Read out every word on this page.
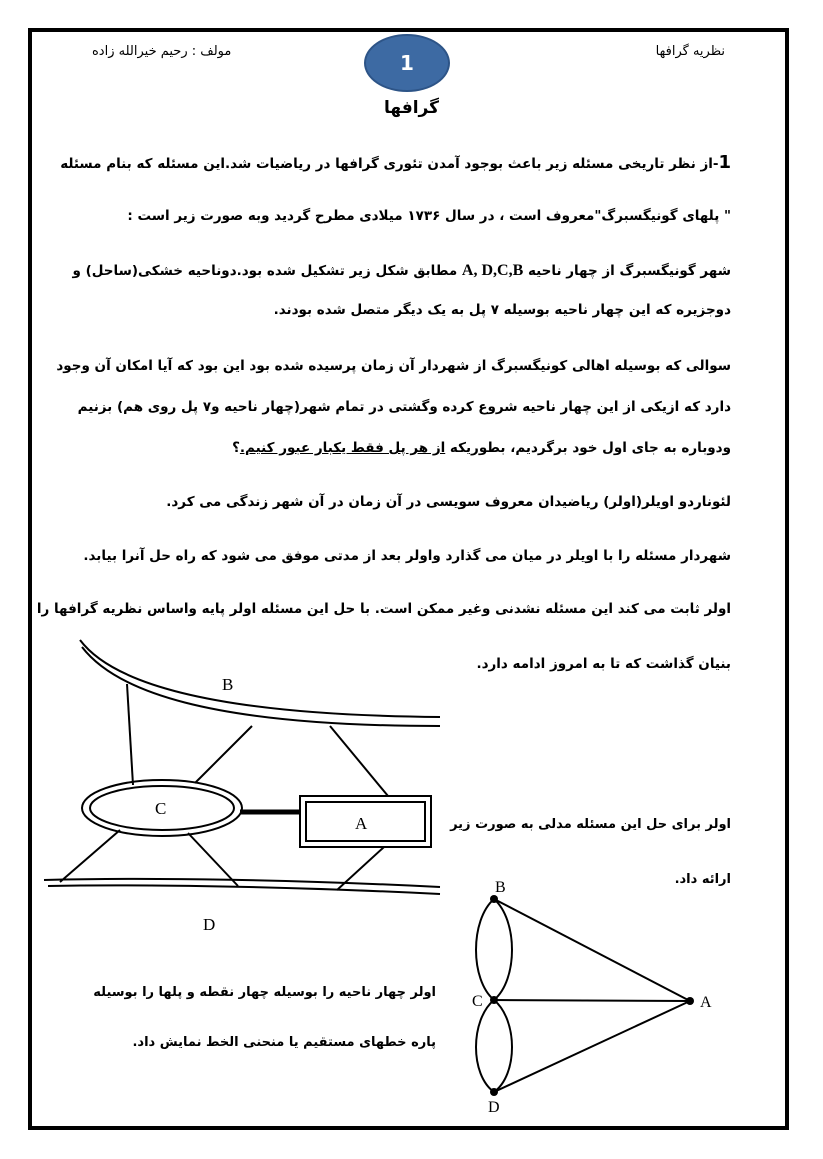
نظریه گرافها
مولف : رحیم خیرالله زاده	1
گرافها
1-از نظر تاریخی مسئله زیر باعث بوجود آمدن تئوری گرافها در ریاضیات شد.این مسئله که بنام مسئله
" پلهای گونیگسبرگ"معروف است ، در سال ۱۷۳۶ میلادی مطرح گردید وبه صورت زیر است :
شهر گونیگسبرگ از چهار ناحیه A, D,C,B مطابق شکل زیر تشکیل شده بود.دوناحیه خشکی(ساحل) و
دوجزیره که این چهار ناحیه بوسیله ۷ پل به یک دیگر متصل شده بودند.
سوالی که بوسیله اهالی کونیگسبرگ از شهردار آن زمان پرسیده شده بود این بود که آیا امکان آن وجود
دارد که ازیکی از این چهار ناحیه شروع کرده وگشتی در تمام شهر(چهار ناحیه و۷ پل روی هم) بزنیم
ودوباره به جای اول خود برگردیم، بطوریکه از هر پل فقط یکبار عبور کنیم.؟
لئوناردو اویلر(اولر) ریاضیدان معروف سویسی در آن زمان در آن شهر زندگی می کرد.
شهردار مسئله را با اویلر در میان می گذارد واولر بعد از مدتی موفق می شود که راه حل آنرا بیابد.
اولر ثابت می کند این مسئله نشدنی وغیر ممکن است. با حل این مسئله اولر پایه واساس نظریه گرافها را
بنیان گذاشت که تا به امروز ادامه دارد.
اولر برای حل این مسئله مدلی به صورت زیر
ارائه داد.
اولر چهار ناحیه را بوسیله چهار نقطه و پلها را بوسیله
پاره خطهای مستقیم یا منحنی الخط نمایش داد.
B
C
A
D
B
C
D
A
